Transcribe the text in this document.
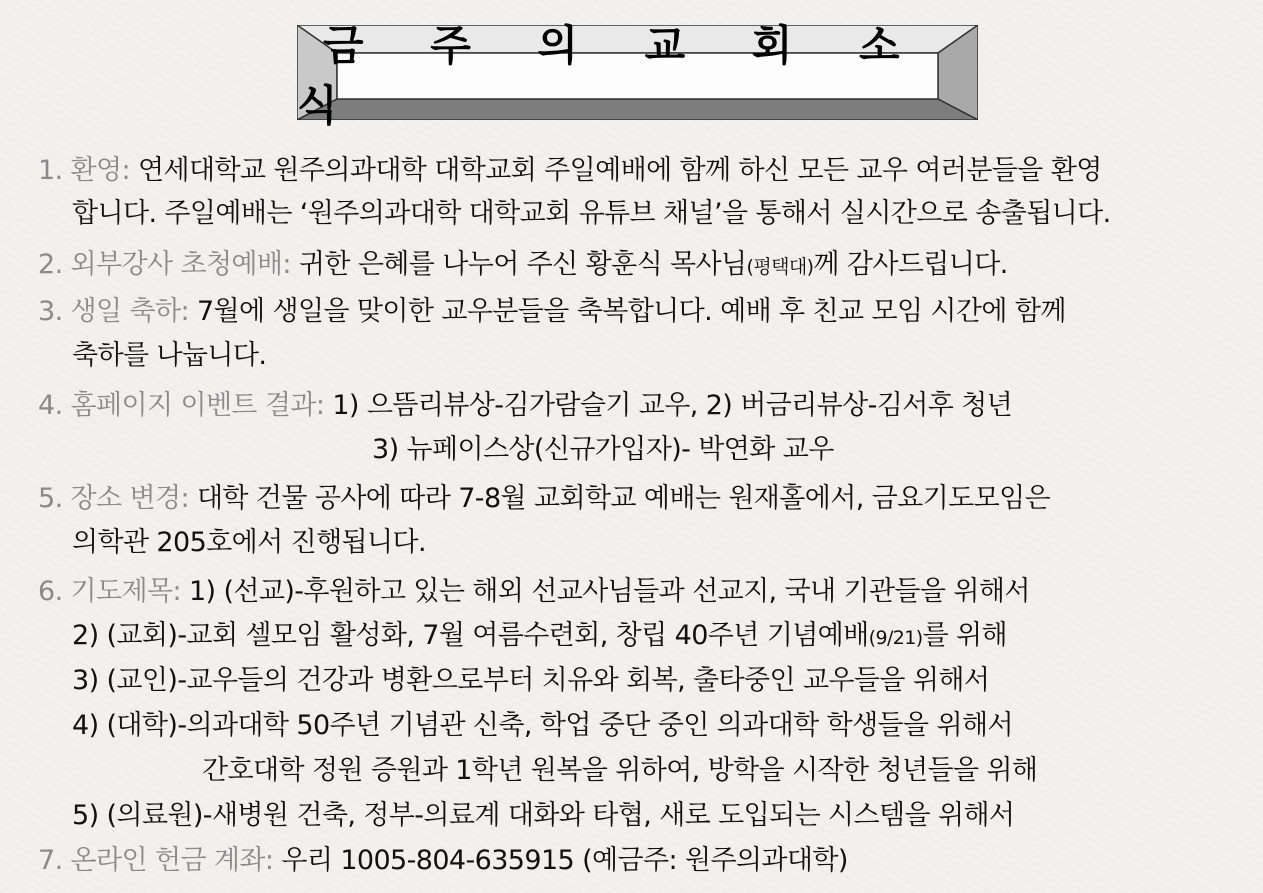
금 주 의 교 회 소 식
1. 환영: 연세대학교 원주의과대학 대학교회 주일예배에 함께 하신 모든 교우 여러분들을 환영
합니다. 주일예배는 ‘원주의과대학 대학교회 유튜브 채널’을 통해서 실시간으로 송출됩니다.
2. 외부강사 초청예배: 귀한 은혜를 나누어 주신 황훈식 목사님(평택대)께 감사드립니다.
3. 생일 축하: 7월에 생일을 맞이한 교우분들을 축복합니다. 예배 후 친교 모임 시간에 함께
축하를 나눕니다.
4. 홈페이지 이벤트 결과: 1) 으뜸리뷰상-김가람슬기 교우, 2) 버금리뷰상-김서후 청년
3) 뉴페이스상(신규가입자)- 박연화 교우
5. 장소 변경: 대학 건물 공사에 따라 7-8월 교회학교 예배는 원재홀에서, 금요기도모임은
의학관 205호에서 진행됩니다.
6. 기도제목: 1) (선교)-후원하고 있는 해외 선교사님들과 선교지, 국내 기관들을 위해서
2) (교회)-교회 셀모임 활성화, 7월 여름수련회, 창립 40주년 기념예배(9/21)를 위해
3) (교인)-교우들의 건강과 병환으로부터 치유와 회복, 출타중인 교우들을 위해서
4) (대학)-의과대학 50주년 기념관 신축, 학업 중단 중인 의과대학 학생들을 위해서
간호대학 정원 증원과 1학년 원복을 위하여, 방학을 시작한 청년들을 위해
5) (의료원)-새병원 건축, 정부-의료계 대화와 타협, 새로 도입되는 시스템을 위해서
7. 온라인 헌금 계좌: 우리 1005-804-635915 (예금주: 원주의과대학)
